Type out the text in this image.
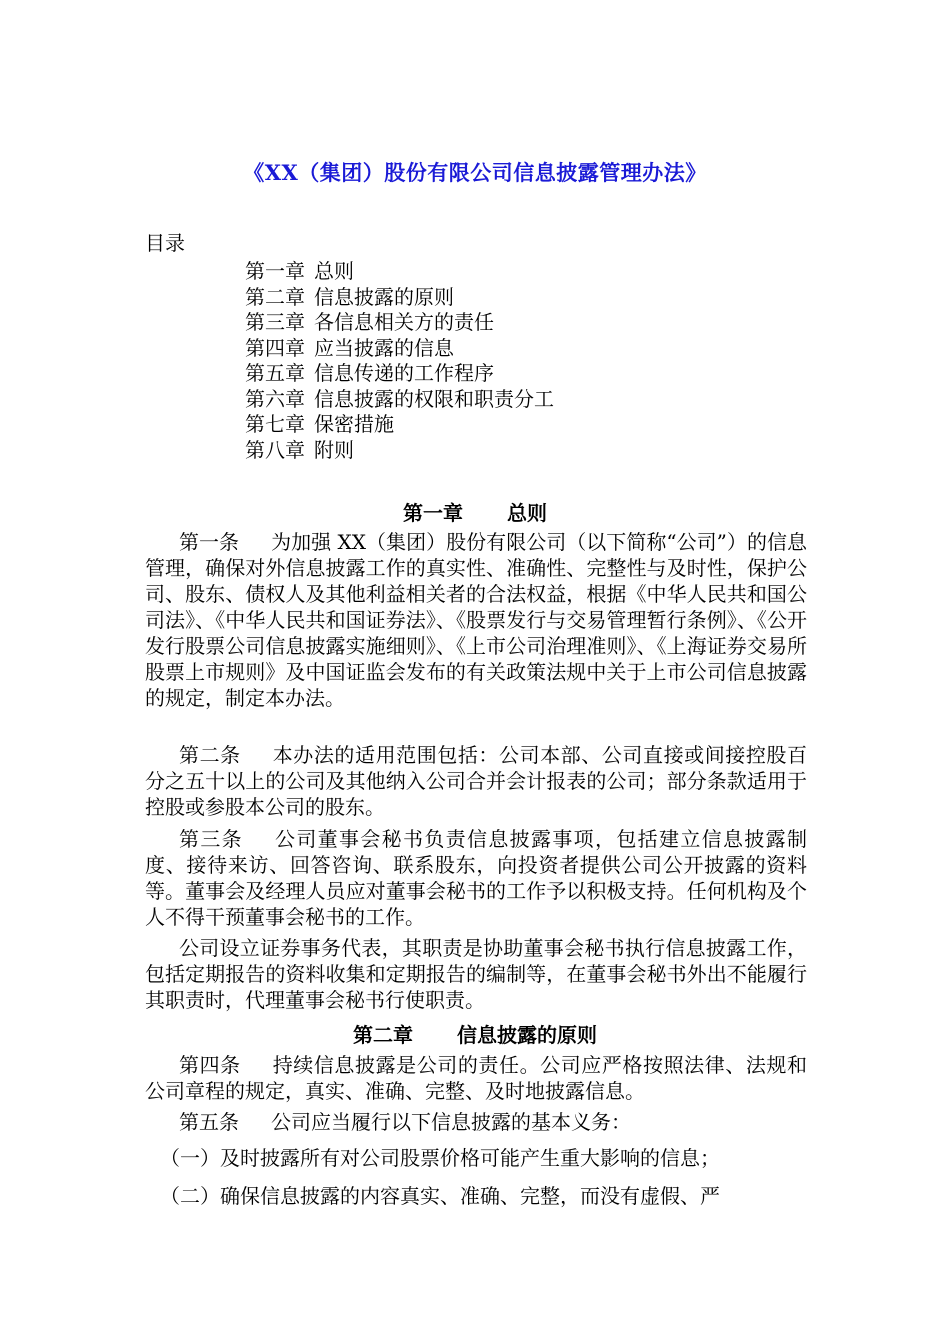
《XX（集团）股份有限公司信息披露管理办法》
目录
第一章 总则
第二章 信息披露的原则
第三章 各信息相关方的责任
第四章 应当披露的信息
第五章 信息传递的工作程序
第六章 信息披露的权限和职责分工
第七章 保密措施
第八章 附则
第一章 总则

第一条 为加强 XX（集团）股份有限公司（以下简称“公司”）的信息管理，确保对外信息披露工作的真实性、准确性、完整性与及时性，保护公司、股东、债权人及其他利益相关者的合法权益，根据《中华人民共和国公司法》、《中华人民共和国证券法》、《股票发行与交易管理暂行条例》、《公开发行股票公司信息披露实施细则》、《上市公司治理准则》、《上海证券交易所股票上市规则》及中国证监会发布的有关政策法规中关于上市公司信息披露的规定，制定本办法。

第二条 本办法的适用范围包括：公司本部、公司直接或间接控股百分之五十以上的公司及其他纳入公司合并会计报表的公司；部分条款适用于控股或参股本公司的股东。

第三条 公司董事会秘书负责信息披露事项，包括建立信息披露制度、接待来访、回答咨询、联系股东，向投资者提供公司公开披露的资料等。董事会及经理人员应对董事会秘书的工作予以积极支持。任何机构及个人不得干预董事会秘书的工作。

公司设立证券事务代表，其职责是协助董事会秘书执行信息披露工作，包括定期报告的资料收集和定期报告的编制等，在董事会秘书外出不能履行其职责时，代理董事会秘书行使职责。

第二章 信息披露的原则

第四条 持续信息披露是公司的责任。公司应严格按照法律、法规和公司章程的规定，真实、准确、完整、及时地披露信息。

第五条 公司应当履行以下信息披露的基本义务：

（一）及时披露所有对公司股票价格可能产生重大影响的信息；

（二）确保信息披露的内容真实、准确、完整，而没有虚假、严
